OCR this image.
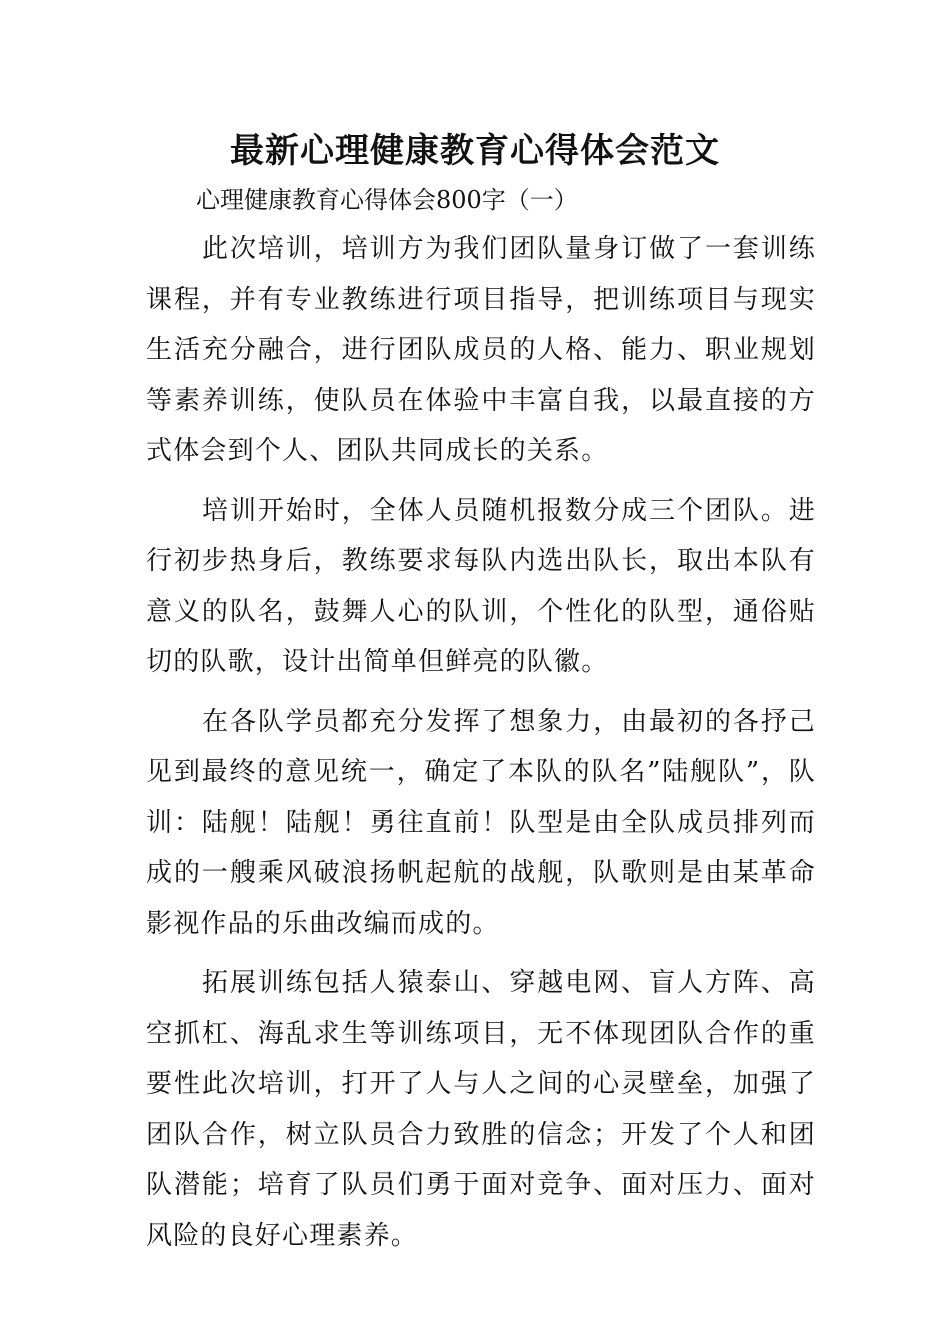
最新心理健康教育心得体会范文

心理健康教育心得体会800字（一）

此次培训，培训方为我们团队量身订做了一套训练课程，并有专业教练进行项目指导，把训练项目与现实生活充分融合，进行团队成员的人格、能力、职业规划等素养训练，使队员在体验中丰富自我，以最直接的方式体会到个人、团队共同成长的关系。

培训开始时，全体人员随机报数分成三个团队。进行初步热身后，教练要求每队内选出队长，取出本队有意义的队名，鼓舞人心的队训，个性化的队型，通俗贴切的队歌，设计出简单但鲜亮的队徽。

在各队学员都充分发挥了想象力，由最初的各抒己见到最终的意见统一，确定了本队的队名”陆舰队”，队训：陆舰！陆舰！勇往直前！队型是由全队成员排列而成的一艘乘风破浪扬帆起航的战舰，队歌则是由某革命影视作品的乐曲改编而成的。

拓展训练包括人猿泰山、穿越电网、盲人方阵、高空抓杠、海乱求生等训练项目，无不体现团队合作的重要性此次培训，打开了人与人之间的心灵壁垒，加强了团队合作，树立队员合力致胜的信念；开发了个人和团队潜能；培育了队员们勇于面对竞争、面对压力、面对风险的良好心理素养。
